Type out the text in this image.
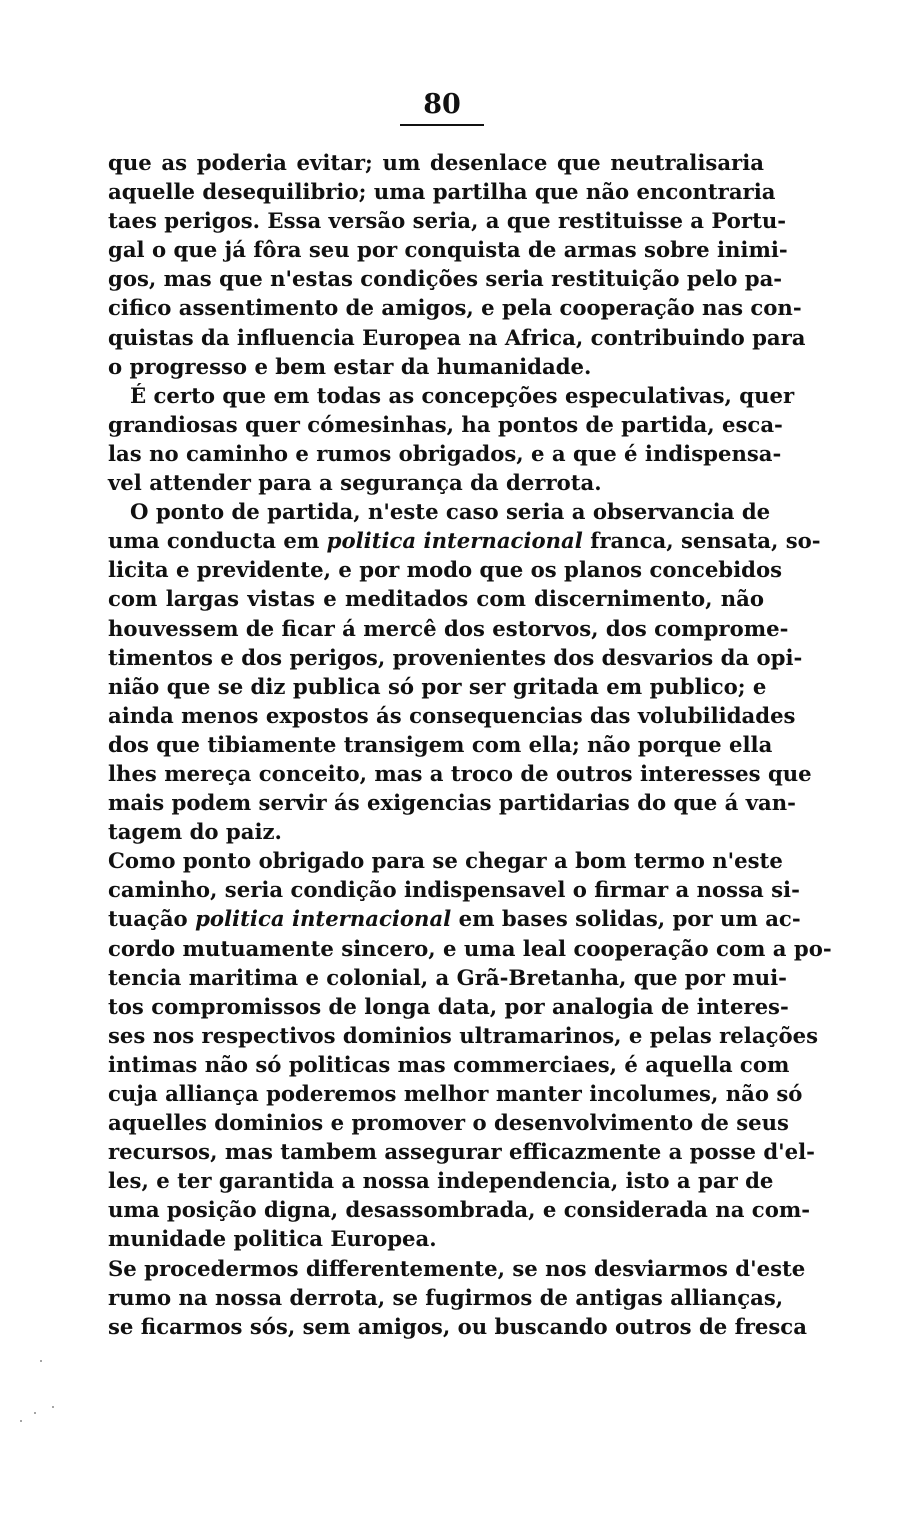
80
que as poderia evitar; um desenlace que neutralisaria
aquelle desequilibrio; uma partilha que não encontraria
taes perigos. Essa versão seria, a que restituisse a Portu-
gal o que já fôra seu por conquista de armas sobre inimi-
gos, mas que n'estas condições seria restituição pelo pa-
cifico assentimento de amigos, e pela cooperação nas con-
quistas da influencia Europea na Africa, contribuindo para
o progresso e bem estar da humanidade.
É certo que em todas as concepções especulativas, quer
grandiosas quer cómesinhas, ha pontos de partida, esca-
las no caminho e rumos obrigados, e a que é indispensa-
vel attender para a segurança da derrota.
O ponto de partida, n'este caso seria a observancia de
uma conducta em politica internacional franca, sensata, so-
licita e previdente, e por modo que os planos concebidos
com largas vistas e meditados com discernimento, não
houvessem de ficar á mercê dos estorvos, dos comprome-
timentos e dos perigos, provenientes dos desvarios da opi-
nião que se diz publica só por ser gritada em publico; e
ainda menos expostos ás consequencias das volubilidades
dos que tibiamente transigem com ella; não porque ella
lhes mereça conceito, mas a troco de outros interesses que
mais podem servir ás exigencias partidarias do que á van-
tagem do paiz.
Como ponto obrigado para se chegar a bom termo n'este
caminho, seria condição indispensavel o firmar a nossa si-
tuação politica internacional em bases solidas, por um ac-
cordo mutuamente sincero, e uma leal cooperação com a po-
tencia maritima e colonial, a Grã-Bretanha, que por mui-
tos compromissos de longa data, por analogia de interes-
ses nos respectivos dominios ultramarinos, e pelas relações
intimas não só politicas mas commerciaes, é aquella com
cuja alliança poderemos melhor manter incolumes, não só
aquelles dominios e promover o desenvolvimento de seus
recursos, mas tambem assegurar efficazmente a posse d'el-
les, e ter garantida a nossa independencia, isto a par de
uma posição digna, desassombrada, e considerada na com-
munidade politica Europea.
Se procedermos differentemente, se nos desviarmos d'este
rumo na nossa derrota, se fugirmos de antigas allianças,
se ficarmos sós, sem amigos, ou buscando outros de fresca
